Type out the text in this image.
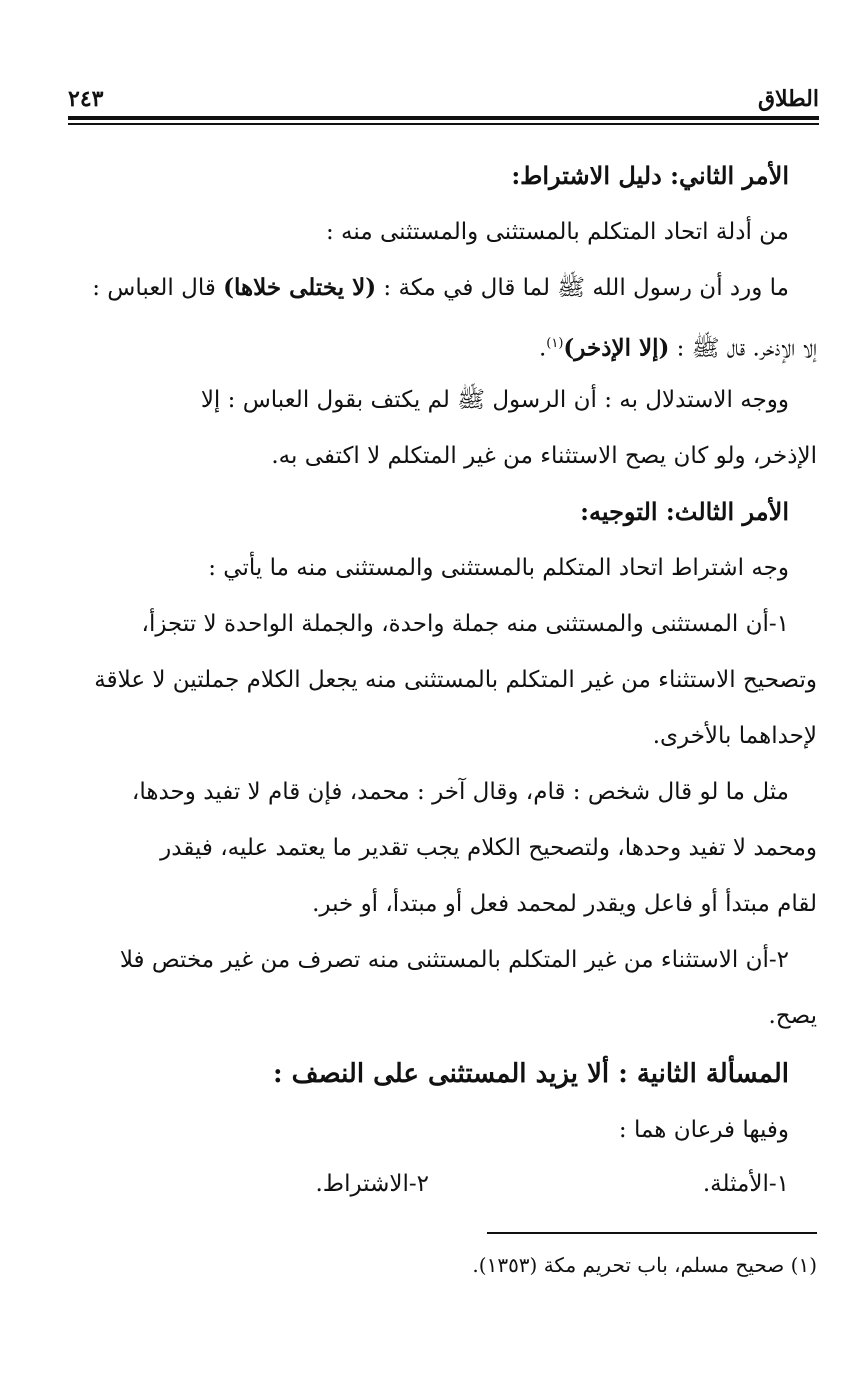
الطلاق
٢٤٣
الأمر الثاني: دليل الاشتراط:
من أدلة اتحاد المتكلم بالمستثنى والمستثنى منه :
ما ورد أن رسول الله ﷺ لما قال في مكة : (لا يختلى خلاها) قال العباس :
إلا الإذخر. قال ﷺ : (إلا الإذخر)$^{(١)}$.
ووجه الاستدلال به : أن الرسول ﷺ لم يكتف بقول العباس : إلا
الإذخر، ولو كان يصح الاستثناء من غير المتكلم لا اكتفى به.
الأمر الثالث: التوجيه:
وجه اشتراط اتحاد المتكلم بالمستثنى والمستثنى منه ما يأتي :
١-أن المستثنى والمستثنى منه جملة واحدة، والجملة الواحدة لا تتجزأ،
وتصحيح الاستثناء من غير المتكلم بالمستثنى منه يجعل الكلام جملتين لا علاقة
لإحداهما بالأخرى.
مثل ما لو قال شخص : قام، وقال آخر : محمد، فإن قام لا تفيد وحدها،
ومحمد لا تفيد وحدها، ولتصحيح الكلام يجب تقدير ما يعتمد عليه، فيقدر
لقام مبتدأ أو فاعل ويقدر لمحمد فعل أو مبتدأ، أو خبر.
٢-أن الاستثناء من غير المتكلم بالمستثنى منه تصرف من غير مختص فلا
يصح.
المسألة الثانية : ألا يزيد المستثنى على النصف :
وفيها فرعان هما :
١-الأمثلة.
٢-الاشتراط.
(١) صحيح مسلم، باب تحريم مكة (١٣٥٣).
